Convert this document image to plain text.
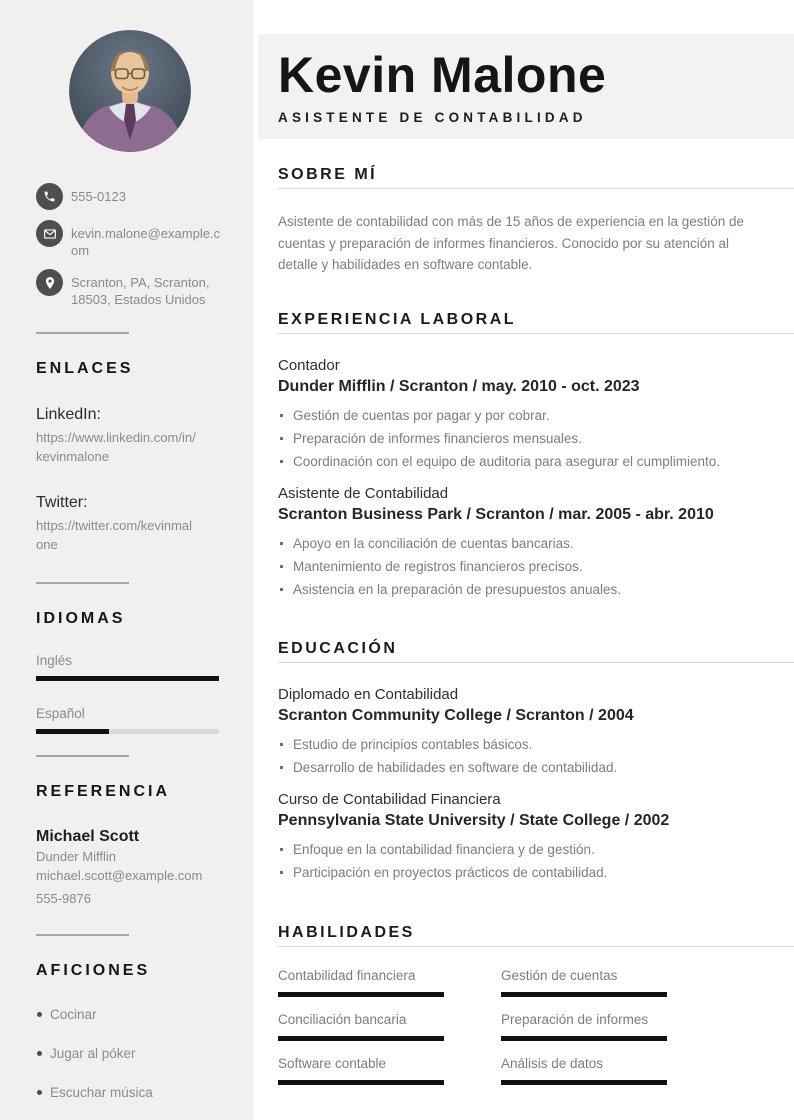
555-0123
kevin.malone@example.com
Scranton, PA, Scranton, 18503, Estados Unidos
ENLACES
LinkedIn:
https://www.linkedin.com/in/kevinmalone
Twitter:
https://twitter.com/kevinmalone
IDIOMAS
Inglés
Español
REFERENCIA
Michael Scott
Dunder Mifflin
michael.scott@example.com
555-9876
AFICIONES
Cocinar
Jugar al póker
Escuchar música
Kevin Malone
ASISTENTE DE CONTABILIDAD
SOBRE MÍ

Asistente de contabilidad con más de 15 años de experiencia en la gestión de cuentas y preparación de informes financieros. Conocido por su atención al detalle y habilidades en software contable.

EXPERIENCIA LABORAL
Contador
Dunder Mifflin / Scranton / may. 2010 - oct. 2023
Gestión de cuentas por pagar y por cobrar.
Preparación de informes financieros mensuales.
Coordinación con el equipo de auditoria para asegurar el cumplimiento.
Asistente de Contabilidad
Scranton Business Park / Scranton / mar. 2005 - abr. 2010
Apoyo en la conciliación de cuentas bancarias.
Mantenimiento de registros financieros precisos.
Asistencia en la preparación de presupuestos anuales.
EDUCACIÓN
Diplomado en Contabilidad
Scranton Community College / Scranton / 2004
Estudio de principios contables básicos.
Desarrollo de habilidades en software de contabilidad.
Curso de Contabilidad Financiera
Pennsylvania State University / State College / 2002
Enfoque en la contabilidad financiera y de gestión.
Participación en proyectos prácticos de contabilidad.
HABILIDADES
Contabilidad financiera	Gestión de cuentas
Conciliación bancaria	Preparación de informes
Software contable	Análisis de datos
